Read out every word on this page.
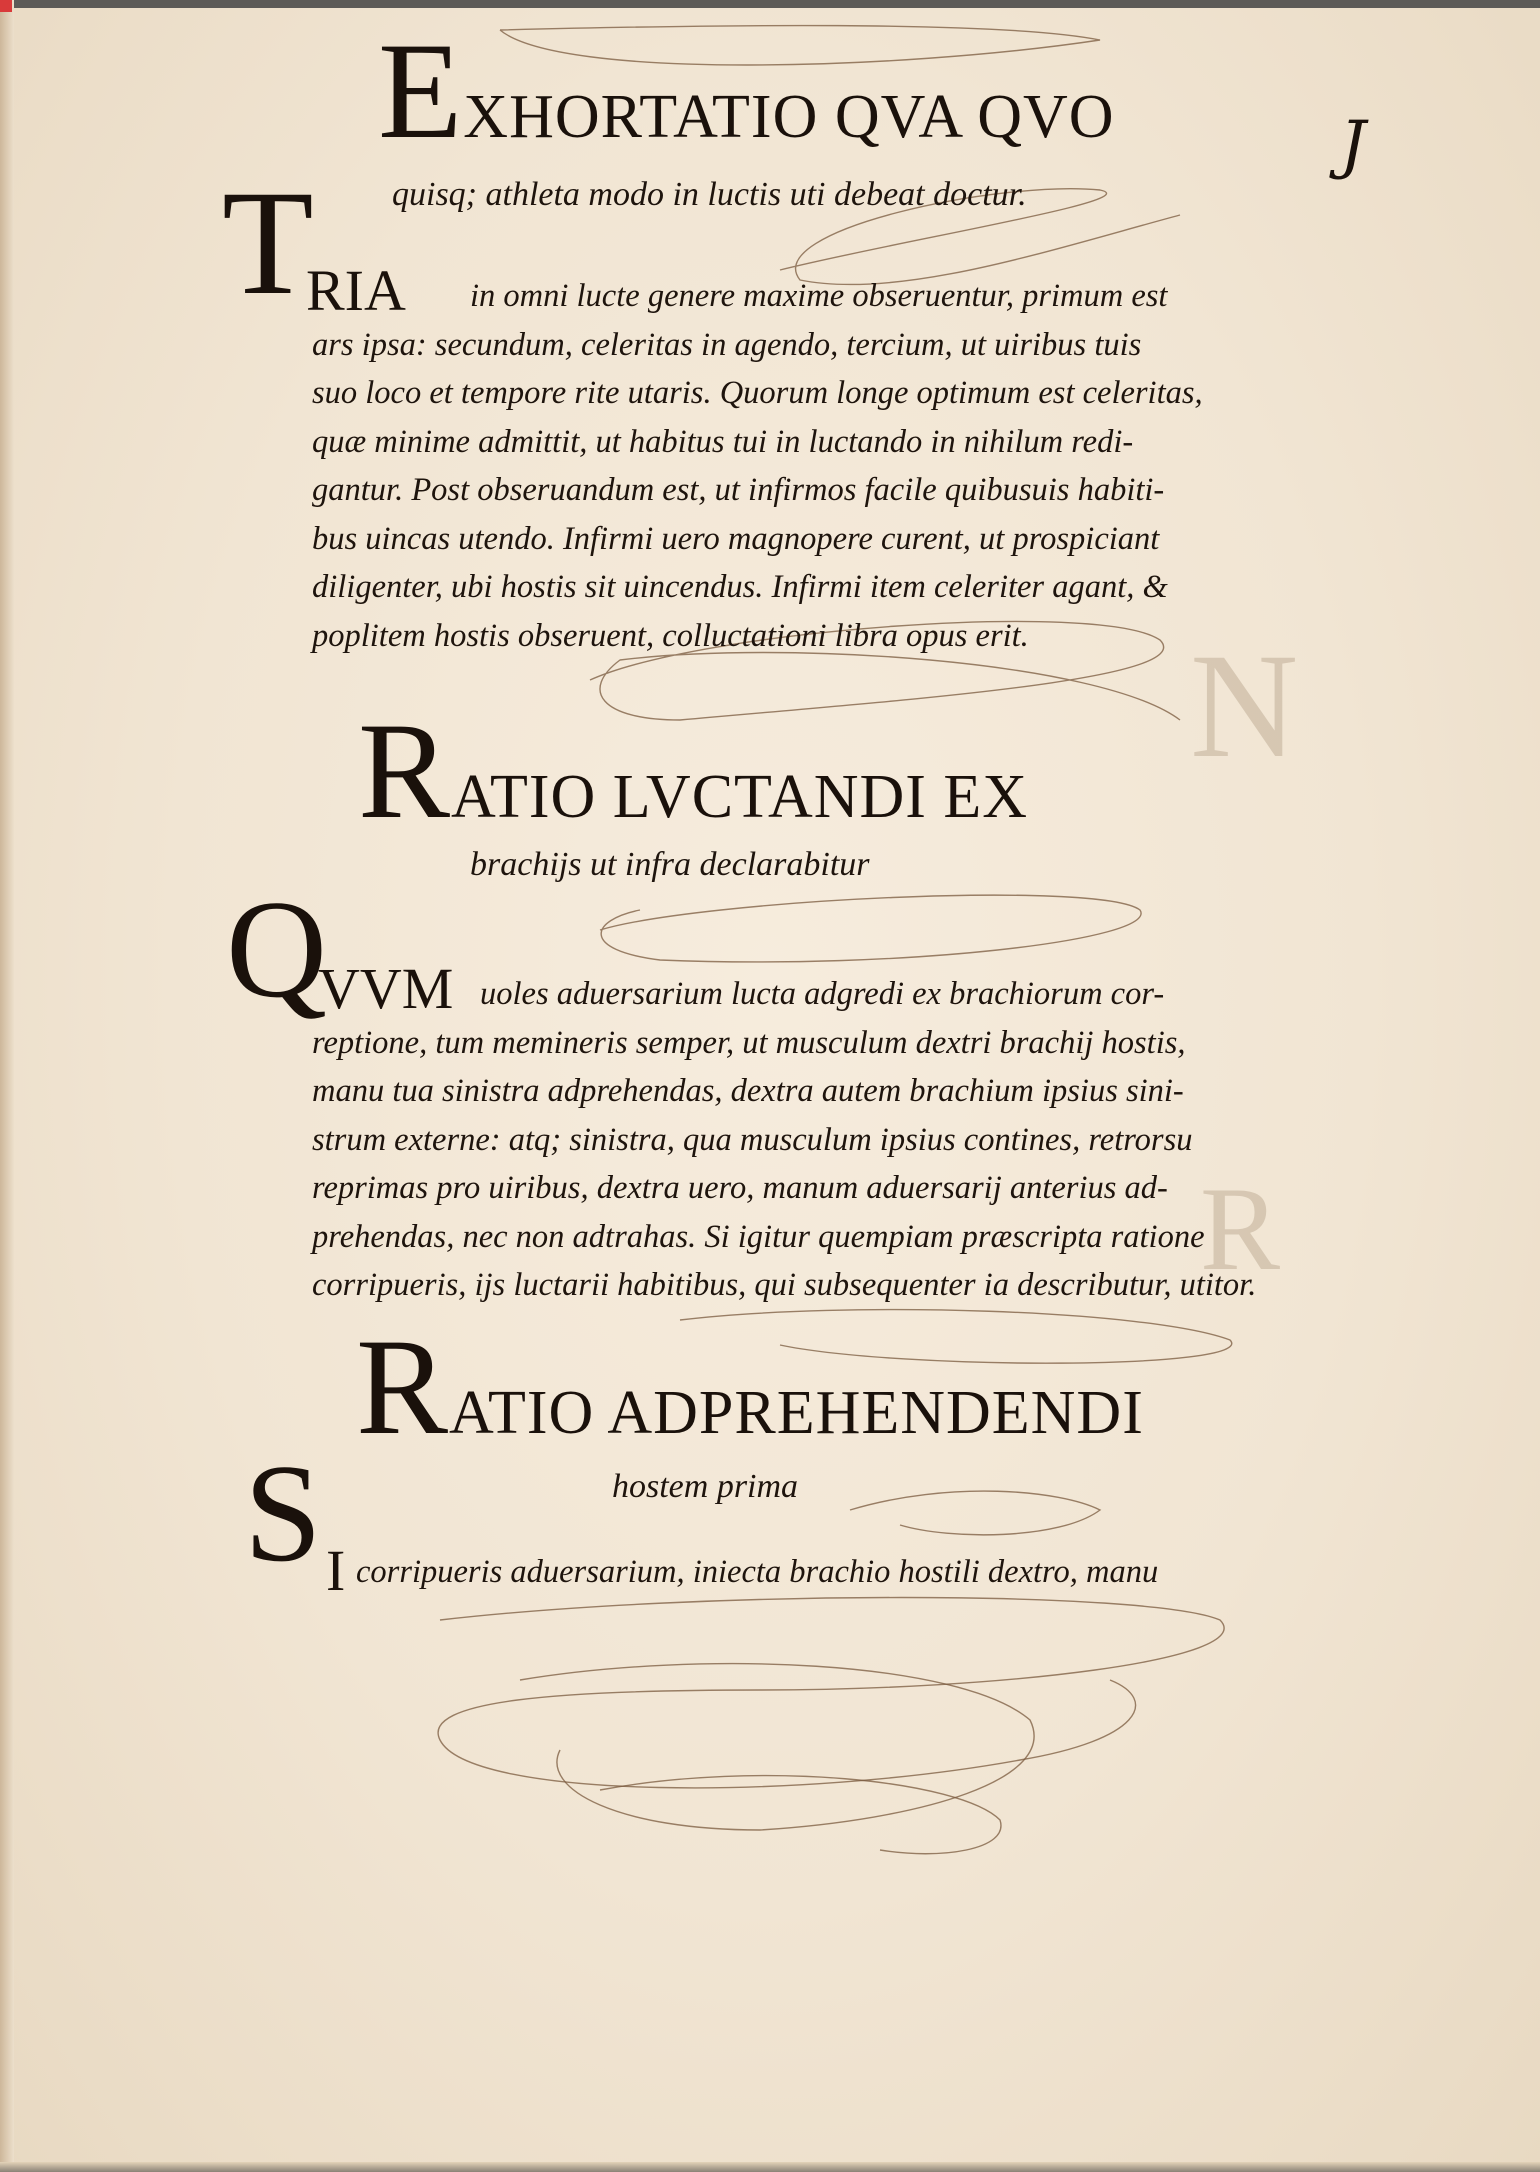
N
R
J
EXHORTATIO QVA QVO
quisq; athleta modo in luctis uti debeat doctur.
T
RIA	in omni lucte genere maxime obseruentur, primum est
ars ipsa: secundum, celeritas in agendo, tercium, ut uiribus tuis
suo loco et tempore rite utaris. Quorum longe optimum est celeritas,
quæ minime admittit, ut habitus tui in luctando in nihilum redi-
gantur. Post obseruandum est, ut infirmos facile quibusuis habiti-
bus uincas utendo. Infirmi uero magnopere curent, ut prospiciant
diligenter, ubi hostis sit uincendus. Infirmi item celeriter agant, &
poplitem hostis obseruent, colluctationi libra opus erit.
RATIO LVCTANDI EX
brachijs ut infra declarabitur
Q
VVM uoles aduersarium lucta adgredi ex brachiorum cor-
reptione, tum memineris semper, ut musculum dextri brachij hostis,
manu tua sinistra adprehendas, dextra autem brachium ipsius sini-
strum externe: atq; sinistra, qua musculum ipsius contines, retrorsu
reprimas pro uiribus, dextra uero, manum aduersarij anterius ad-
prehendas, nec non adtrahas. Si igitur quempiam præscripta ratione
corripueris, ijs luctarii habitibus, qui subsequenter ia descributur, utitor.
RATIO ADPREHENDENDI
hostem prima
S I corripueris aduersarium, iniecta brachio hostili dextro, manu
